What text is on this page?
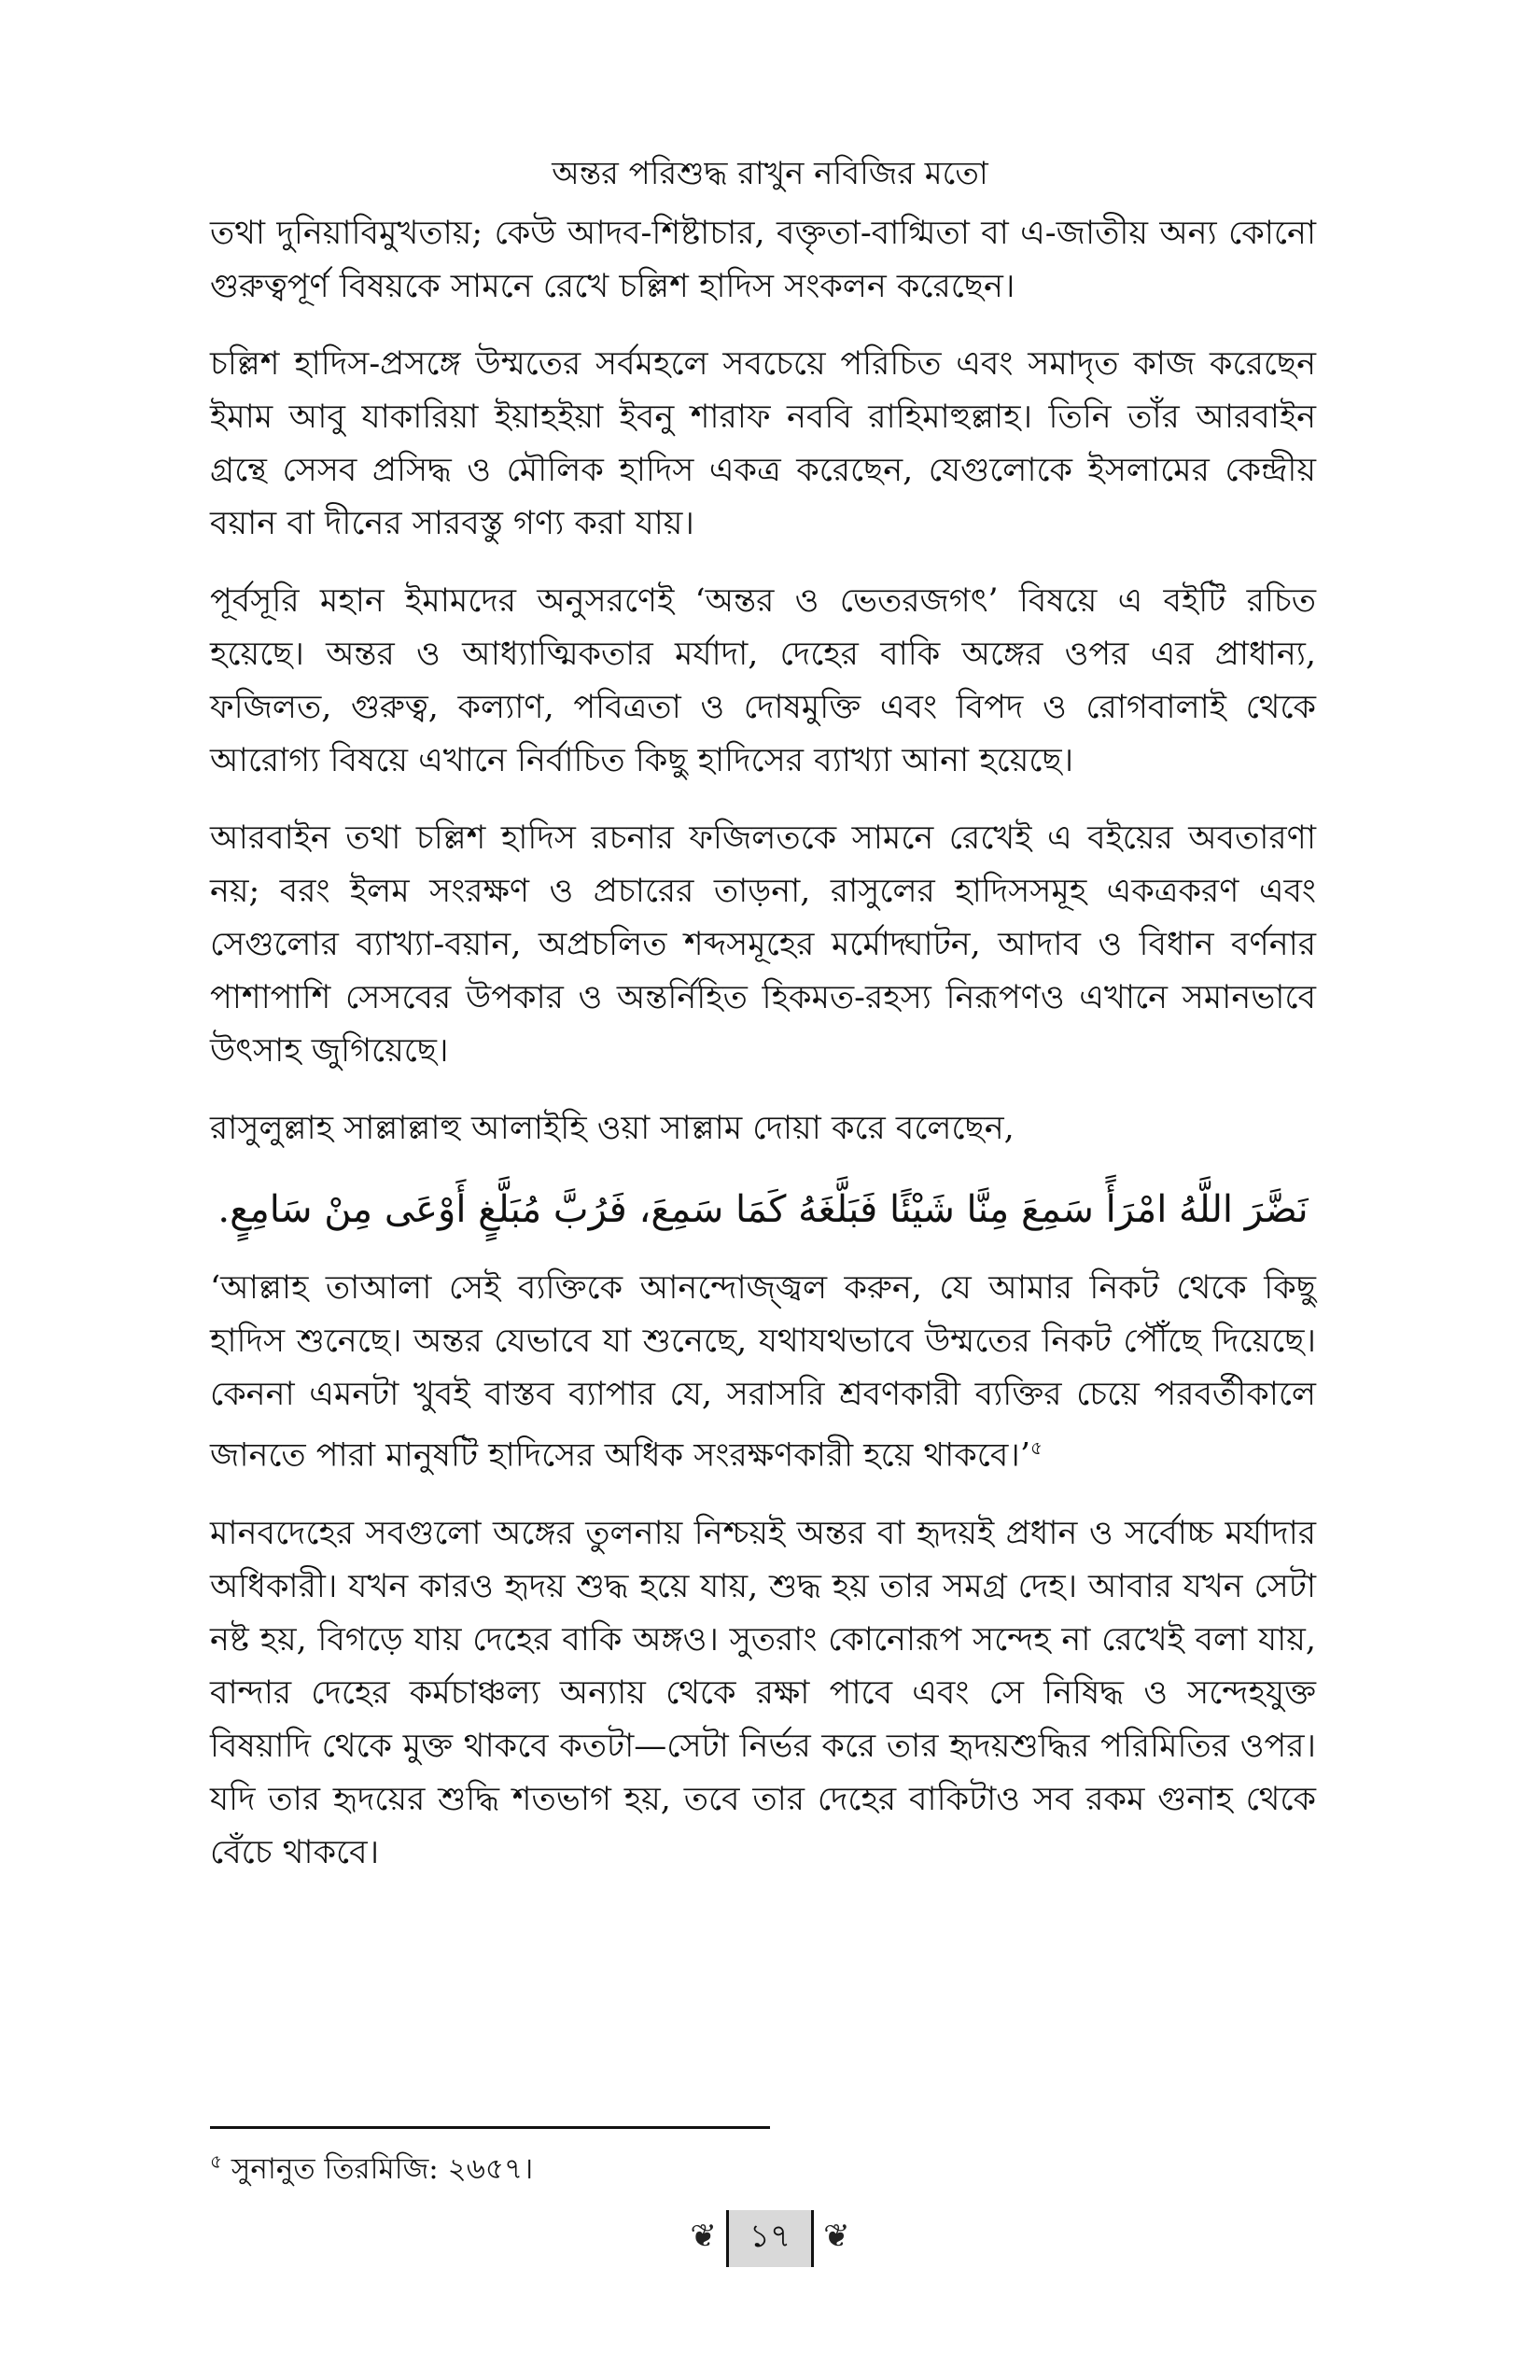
অন্তর পরিশুদ্ধ রাখুন নবিজির মতো

তথা দুনিয়াবিমুখতায়; কেউ আদব-শিষ্টাচার, বক্তৃতা-বাগ্মিতা বা এ-জাতীয় অন্য কোনো গুরুত্বপূর্ণ বিষয়কে সামনে রেখে চল্লিশ হাদিস সংকলন করেছেন।

চল্লিশ হাদিস-প্রসঙ্গে উম্মতের সর্বমহলে সবচেয়ে পরিচিত এবং সমাদৃত কাজ করেছেন ইমাম আবু যাকারিয়া ইয়াহইয়া ইবনু শারাফ নববি রাহিমাহুল্লাহ। তিনি তাঁর আরবাইন গ্রন্থে সেসব প্রসিদ্ধ ও মৌলিক হাদিস একত্র করেছেন, যেগুলোকে ইসলামের কেন্দ্রীয় বয়ান বা দীনের সারবস্তু গণ্য করা যায়।

পূর্বসূরি মহান ইমামদের অনুসরণেই ‘অন্তর ও ভেতরজগৎ’ বিষয়ে এ বইটি রচিত হয়েছে। অন্তর ও আধ্যাত্মিকতার মর্যাদা, দেহের বাকি অঙ্গের ওপর এর প্রাধান্য, ফজিলত, গুরুত্ব, কল্যাণ, পবিত্রতা ও দোষমুক্তি এবং বিপদ ও রোগবালাই থেকে আরোগ্য বিষয়ে এখানে নির্বাচিত কিছু হাদিসের ব্যাখ্যা আনা হয়েছে।

আরবাইন তথা চল্লিশ হাদিস রচনার ফজিলতকে সামনে রেখেই এ বইয়ের অবতারণা নয়; বরং ইলম সংরক্ষণ ও প্রচারের তাড়না, রাসুলের হাদিসসমূহ একত্রকরণ এবং সেগুলোর ব্যাখ্যা-বয়ান, অপ্রচলিত শব্দসমূহের মর্মোদ্ঘাটন, আদাব ও বিধান বর্ণনার পাশাপাশি সেসবের উপকার ও অন্তর্নিহিত হিকমত-রহস্য নিরূপণও এখানে সমানভাবে উৎসাহ জুগিয়েছে।

রাসুলুল্লাহ সাল্লাল্লাহু আলাইহি ওয়া সাল্লাম দোয়া করে বলেছেন,

نَضَّرَ اللَّهُ امْرَأً سَمِعَ مِنَّا شَيْئًا فَبَلَّغَهُ كَمَا سَمِعَ، فَرُبَّ مُبَلَّغٍ أَوْعَى مِنْ سَامِعٍ.

‘আল্লাহ তাআলা সেই ব্যক্তিকে আনন্দোজ্জ্বল করুন, যে আমার নিকট থেকে কিছু হাদিস শুনেছে। অন্তর যেভাবে যা শুনেছে, যথাযথভাবে উম্মতের নিকট পৌঁছে দিয়েছে। কেননা এমনটা খুবই বাস্তব ব্যাপার যে, সরাসরি শ্রবণকারী ব্যক্তির চেয়ে পরবর্তীকালে জানতে পারা মানুষটি হাদিসের অধিক সংরক্ষণকারী হয়ে থাকবে।’$^৫$

মানবদেহের সবগুলো অঙ্গের তুলনায় নিশ্চয়ই অন্তর বা হৃদয়ই প্রধান ও সর্বোচ্চ মর্যাদার অধিকারী। যখন কারও হৃদয় শুদ্ধ হয়ে যায়, শুদ্ধ হয় তার সমগ্র দেহ। আবার যখন সেটা নষ্ট হয়, বিগড়ে যায় দেহের বাকি অঙ্গও। সুতরাং কোনোরূপ সন্দেহ না রেখেই বলা যায়, বান্দার দেহের কর্মচাঞ্চল্য অন্যায় থেকে রক্ষা পাবে এবং সে নিষিদ্ধ ও সন্দেহযুক্ত বিষয়াদি থেকে মুক্ত থাকবে কতটা—সেটা নির্ভর করে তার হৃদয়শুদ্ধির পরিমিতির ওপর। যদি তার হৃদয়ের শুদ্ধি শতভাগ হয়, তবে তার দেহের বাকিটাও সব রকম গুনাহ থেকে বেঁচে থাকবে।

$^৫$ সুনানুত তিরমিজি: ২৬৫৭।
❦ ১৭ ❦
